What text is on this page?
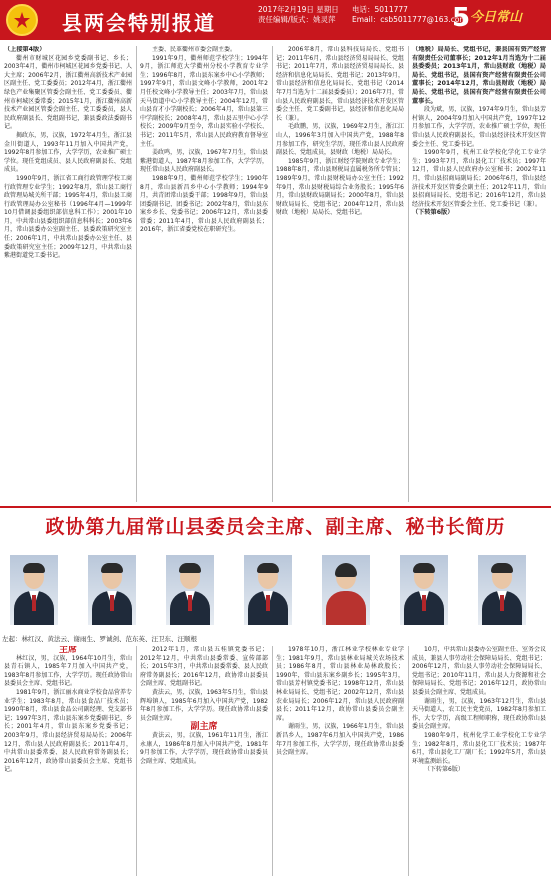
县两会特别报道
2017年2月19日 星期日
责任编辑/版式：姚灵萍
电话：5011777
Email：csb5011777@163.com
5 今日常山

（上接第4版）

衢州市财城区花园乡党委副书记、乡长；2003年4月，衢州市柯城区花园乡党委书记、人大主席；2006年2月，浙江衢州高新技术产业园区副主任、党工委委员；2012年4月，浙江衢州绿色产业集聚区管委会副主任、党工委委员、衢州市柯城区委常委；2015年1月，浙江衢州高新技术产业园区管委会副主任、党工委委员，县人民政府副县长、党组副书记，兼县委政法委副书记。

揭政东，男，汉族，1972年4月生，浙江县金川街道人，1993年11月加入中国共产党，1992年8月参加工作，大学学历，农业推广硕士学位。现任党组成员、县人民政府副县长、党组成员。

1990年9月，浙江省工商行政管理学校工商行政管理专业学生；1992年8月，常山县工商行政管理局城关所干部；1995年4月，常山县工商行政管理局办公室秘书（1996年4月—1999年10月借调县委组织部信息科工作）；2001年10月，中共常山县委组织部信息科科长；2003年6月，常山县委办公室副主任、县委政策研究室主任；2006年1月，中共常山县委办公室主任、县委政策研究室主任；2009年12月，中共常山县紫港街道党工委书记。

主委、民革衢州市委会副主委。

1991年9月，衢州师范学校学生；1994年9月，浙江师范大学衢州分校小学教育专业学生；1996年8月，常山县东案乡中心小学教师；1997年9月，常山县文峰小学教师，2001年2月任校文峰小学教导主任；2003年7月，常山县天马街道中心小学教导主任；2004年12月，常山县育才小学副校长；2006年4月，常山县第三中学副校长；2008年4月，常山县五里中心小学校长；2009年9月至今，常山县实验小学校长、书记；2011年5月，常山县人民政府教育督导室主任。

姜政鸣，男，汉族，1967年7月生，常山县紫港街道人，1987年8月参加工作，大学学历，现任常山县人民政府副县长。

1988年9月，衢州师范学校学生；1990年8月，常山县新昌乡中心小学教师；1994年9月，共青团常山县委干部；1998年9月，常山县团委副书记、团委书记；2002年8月，常山县东案乡乡长、党委书记；2006年12月，常山县委常委；2011年4月，常山县人民政府副县长；2016年，浙江省委党校在职研究生。

2006年8月，常山县科技局局长、党组书记；2011年6月，常山县经济贸易局局长、党组书记；2011年7月，常山县经济贸易局局长、县经济和信息化局局长、党组书记；2013年9月，常山县经济和信息化局局长、党组书记（2014年7月当选为十二届县委委员）；2016年7月，常山县人民政府副县长，常山县经济技术开发区管委会主任、党工委副书记，县经济和信息化局局长（兼）。

毛政鹏，男，汉族，1969年2月生，浙江江山人，1996年3月加入中国共产党，1988年8月参加工作，研究生学历，现任常山县人民政府副县长、党组成员，县财政（地税）局局长。

1985年9月，浙江财经学院财政专业学生；1988年8月，常山县财税局直属税务所专管员；1989年9月，常山县财税局办公室主任；1992年9月，常山县财税局综合业务股长；1995年6月，常山县财政局副局长；2000年8月，常山县财政局局长、党组书记；2004年12月，常山县财政（地税）局局长、党组书记。

（地税）局局长、党组书记，兼县国有资产经营有限责任公司董事长；2012年1月当选为十二届县委委员；2013年1月，常山县财政（地税）局局长、党组书记，县国有资产经营有限责任公司董事长；2014年12月，常山县财政（地税）局局长、党组书记，县国有资产经营有限责任公司董事长。

段为斌，男，汉族，1974年9月生，常山县芳村镇人，2004年9月加入中国共产党，1997年12月参加工作，大学学历，农业推广硕士学位，现任常山县人民政府副县长，常山县经济技术开发区管委会主任、党工委书记。

1990年9月，杭州工业学校化学化工专业学生；1993年7月，常山县化工厂技术员；1997年12月，常山县人民政府办公室秘书；2002年11月，常山县招商局副局长；2006年6月，常山县经济技术开发区管委会副主任；2012年11月，常山县招商局局长、党组书记；2016年12月，常山县经济技术开发区管委会主任、党工委书记（兼）。

（下转第6版）

政协第九届常山县委员会主席、副主席、秘书长简历
左起：林红汉、黄法云、谢雨生、罗诚剑、范东英、汪卫东、汪顺根

主席

林红汉，男，汉族，1964年10月生，常山县青石镇人，1985年7月加入中国共产党，1983年8月参加工作，大学学历。现任政协常山县委员会主席、党组书记。

1981年9月，浙江丽水商业学校食品营养专业学生；1983年8月，常山县食品厂技术员；1990年8月，常山县食品公司副经理、党支部书记；1997年3月，常山县东案乡党委副书记、乡长；2001年4月，常山县东案乡党委书记；2003年9月，常山县经济贸易局局长；2006年12月，常山县人民政府副县长；2011年4月，中共常山县委常委、县人民政府常务副县长；2016年12月，政协常山县委员会主席、党组书记。

2012年1月，常山县五桂镇党委书记；2012年12月，中共常山县委常委、宣传部部长；2015年3月，中共常山县委常委、县人民政府常务副县长；2016年12月，政协常山县委员会副主席、党组副书记。

黄法云，男，汉族，1963年5月生，常山县辉埠镇人，1985年6月加入中国共产党，1982年8月参加工作，大学学历。现任政协常山县委员会副主席。

副主席

黄法云，男，汉族，1961年11月生，浙江永康人，1986年8月加入中国共产党，1981年9月参加工作，大学学历，现任政协常山县委员会副主席、党组成员。

1978年10月，浙江林业学校林业专业学生；1981年9月，常山县林业局城关农场技术员；1986年8月，常山县林业局林政股长；1990年，常山县东案乡副乡长；1995年3月，常山县芳村镇党委书记；1998年12月，常山县林业局局长、党组书记；2002年12月，常山县农业局局长；2006年12月，常山县人民政府副县长；2011年12月，政协常山县委员会副主席。

谢雨生，男，汉族，1966年1月生，常山县新昌乡人，1987年6月加入中国共产党，1986年7月参加工作，大学学历，现任政协常山县委员会副主席。

10月，中共常山县委办公室副主任、室务会议成员，兼县人事劳动社会保障局局长、党组书记；2006年12月，常山县人事劳动社会保障局局长、党组书记；2010年11月，常山县人力资源和社会保障局局长、党组书记；2016年12月，政协常山县委员会副主席、党组成员。

谢雨生，男，汉族，1963年12月生，常山县天马街道人，农工民主党党员，1982年8月参加工作，大专学历，高级工程师职称，现任政协常山县委员会副主席。

1980年9月，杭州化学工业学校化工专业学生；1982年8月，常山县化工厂技术员；1987年6月，常山县化工厂副厂长；1992年5月，常山县环境监测站长。

（下转第6版）
